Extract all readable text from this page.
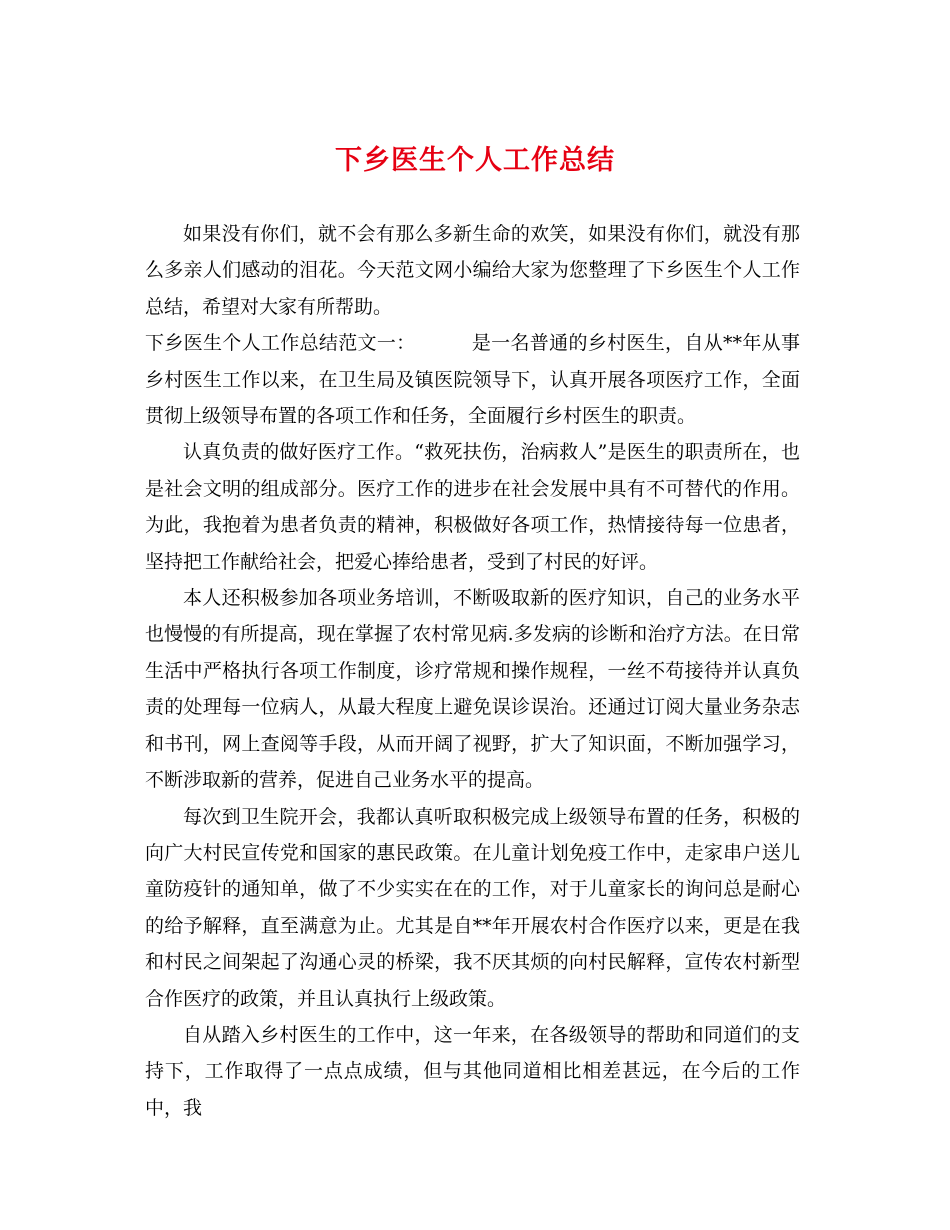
下乡医生个人工作总结

如果没有你们，就不会有那么多新生命的欢笑，如果没有你们，就没有那么多亲人们感动的泪花。今天范文网小编给大家为您整理了下乡医生个人工作总结，希望对大家有所帮助。

下乡医生个人工作总结范文一：	是一名普通的乡村医生，自从**年从事乡村医生工作以来，在卫生局及镇医院领导下，认真开展各项医疗工作，全面贯彻上级领导布置的各项工作和任务，全面履行乡村医生的职责。

认真负责的做好医疗工作。“救死扶伤，治病救人”是医生的职责所在，也是社会文明的组成部分。医疗工作的进步在社会发展中具有不可替代的作用。为此，我抱着为患者负责的精神，积极做好各项工作，热情接待每一位患者，坚持把工作献给社会，把爱心捧给患者，受到了村民的好评。

本人还积极参加各项业务培训，不断吸取新的医疗知识，自己的业务水平也慢慢的有所提高，现在掌握了农村常见病.多发病的诊断和治疗方法。在日常生活中严格执行各项工作制度，诊疗常规和操作规程，一丝不苟接待并认真负责的处理每一位病人，从最大程度上避免误诊误治。还通过订阅大量业务杂志和书刊，网上查阅等手段，从而开阔了视野，扩大了知识面，不断加强学习，不断涉取新的营养，促进自己业务水平的提高。

每次到卫生院开会，我都认真听取积极完成上级领导布置的任务，积极的向广大村民宣传党和国家的惠民政策。在儿童计划免疫工作中，走家串户送儿童防疫针的通知单，做了不少实实在在的工作，对于儿童家长的询问总是耐心的给予解释，直至满意为止。尤其是自**年开展农村合作医疗以来，更是在我和村民之间架起了沟通心灵的桥梁，我不厌其烦的向村民解释，宣传农村新型合作医疗的政策，并且认真执行上级政策。

自从踏入乡村医生的工作中，这一年来，在各级领导的帮助和同道们的支持下，工作取得了一点点成绩，但与其他同道相比相差甚远，在今后的工作中，我
